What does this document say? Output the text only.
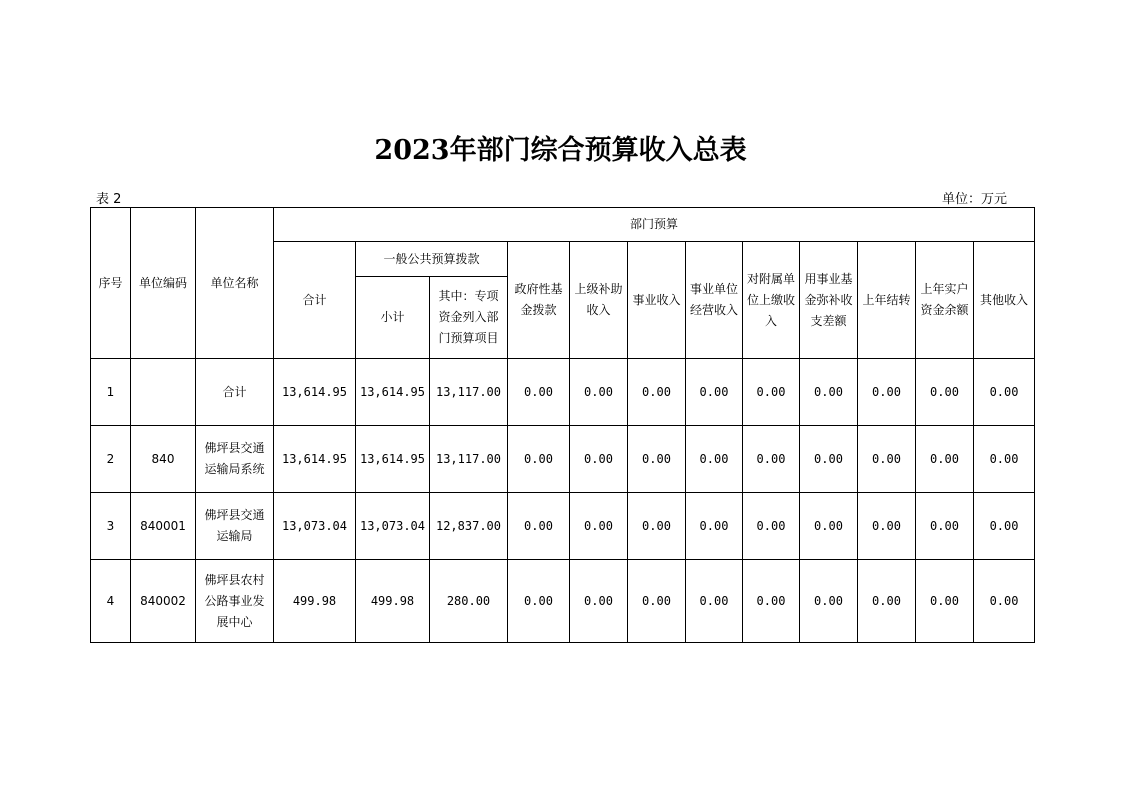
2023年部门综合预算收入总表
表 2	单位：万元
序号	单位编码	单位名称	部门预算											
			合计	一般公共预算拨款		政府性基金拨款	上级补助收入	事业收入	事业单位经营收入	对附属单位上缴收入	用事业基金弥补收支差额	上年结转	上年实户资金余额	其他收入
				小计	其中：专项资金列入部门预算项目									
1		合计	13,614.95	13,614.95	13,117.00	0.00	0.00	0.00	0.00	0.00	0.00	0.00	0.00	0.00
2	840	佛坪县交通运输局系统	13,614.95	13,614.95	13,117.00	0.00	0.00	0.00	0.00	0.00	0.00	0.00	0.00	0.00
3	840001	佛坪县交通运输局	13,073.04	13,073.04	12,837.00	0.00	0.00	0.00	0.00	0.00	0.00	0.00	0.00	0.00
4	840002	佛坪县农村公路事业发展中心	499.98	499.98	280.00	0.00	0.00	0.00	0.00	0.00	0.00	0.00	0.00	0.00
